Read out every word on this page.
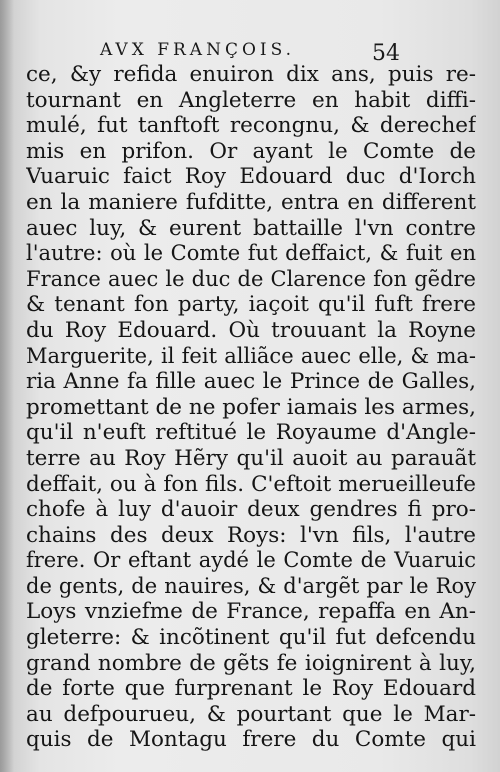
AVX FRANÇOIS.	54
ce, &y refida enuiron dix ans, puis re-
tournant en Angleterre en habit diffi-
mulé, fut tanftoft recongnu, & derechef
mis en prifon. Or ayant le Comte de
Vuaruic faict Roy Edouard duc d'Iorch
en la maniere fufditte, entra en different
auec luy, & eurent battaille l'vn contre
l'autre: où le Comte fut deffaict, & fuit en
France auec le duc de Clarence fon gẽdre
& tenant fon party, iaçoit qu'il fuft frere
du Roy Edouard. Où trouuant la Royne
Marguerite, il feit alliãce auec elle, & ma-
ria Anne fa fille auec le Prince de Galles,
promettant de ne pofer iamais les armes,
qu'il n'euft reftitué le Royaume d'Angle-
terre au Roy Hẽry qu'il auoit au parauãt
deffait, ou à fon fils. C'eftoit merueilleufe
chofe à luy d'auoir deux gendres fi pro-
chains des deux Roys: l'vn fils, l'autre
frere. Or eftant aydé le Comte de Vuaruic
de gents, de nauires, & d'argẽt par le Roy
Loys vnziefme de France, repaffa en An-
gleterre: & incõtinent qu'il fut defcendu
grand nombre de gẽts fe ioignirent à luy,
de forte que furprenant le Roy Edouard
au defpourueu, & pourtant que le Mar-
quis de Montagu frere du Comte qui
